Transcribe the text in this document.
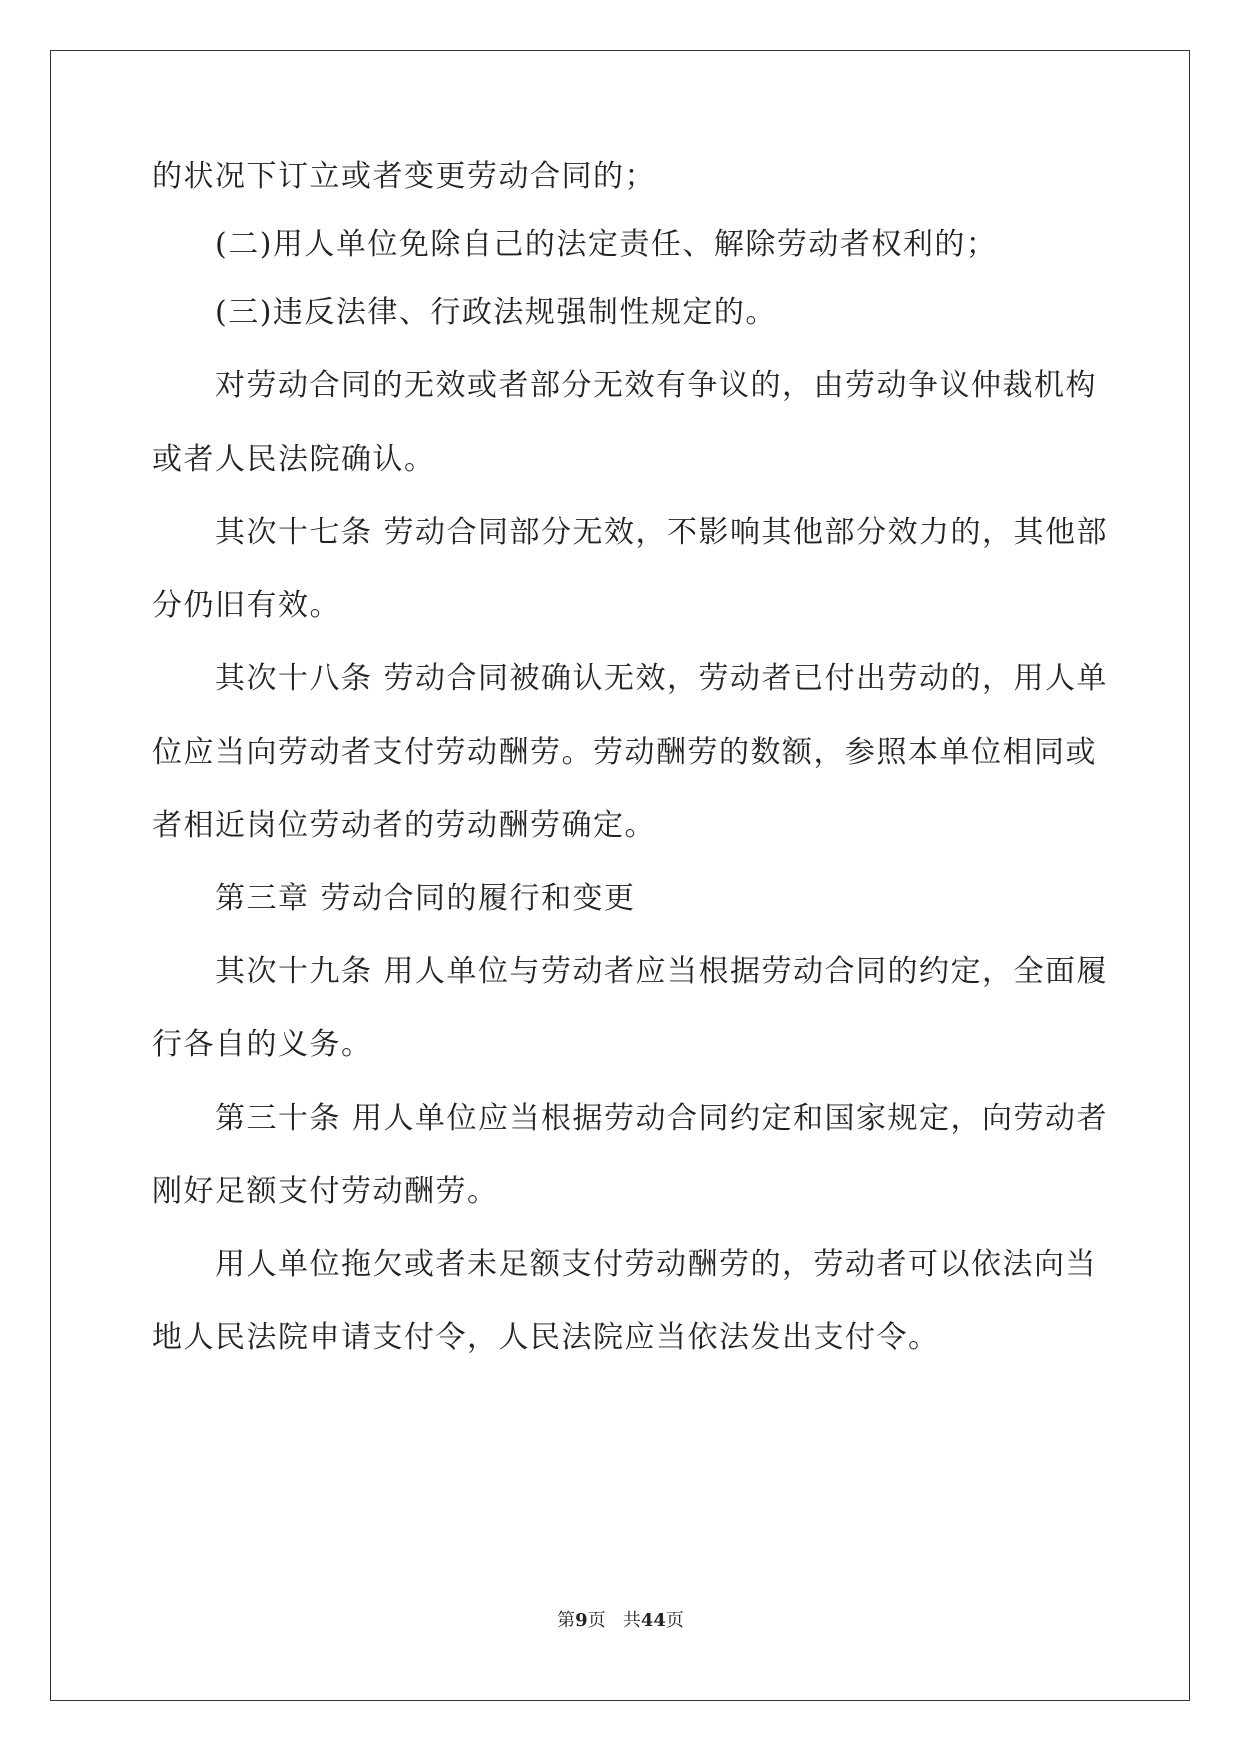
的状况下订立或者变更劳动合同的；
(二)用人单位免除自己的法定责任、解除劳动者权利的；
(三)违反法律、行政法规强制性规定的。
对劳动合同的无效或者部分无效有争议的，由劳动争议仲裁机构
或者人民法院确认。
其次十七条 劳动合同部分无效，不影响其他部分效力的，其他部
分仍旧有效。
其次十八条 劳动合同被确认无效，劳动者已付出劳动的，用人单
位应当向劳动者支付劳动酬劳。劳动酬劳的数额，参照本单位相同或
者相近岗位劳动者的劳动酬劳确定。
第三章 劳动合同的履行和变更
其次十九条 用人单位与劳动者应当根据劳动合同的约定，全面履
行各自的义务。
第三十条 用人单位应当根据劳动合同约定和国家规定，向劳动者
刚好足额支付劳动酬劳。
用人单位拖欠或者未足额支付劳动酬劳的，劳动者可以依法向当
地人民法院申请支付令，人民法院应当依法发出支付令。
第9页 共44页
